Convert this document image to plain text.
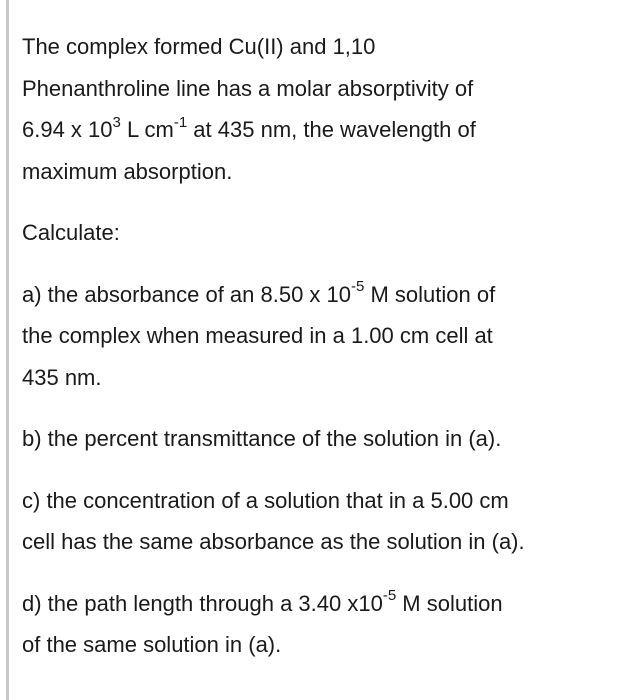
The complex formed Cu(II) and 1,10
Phenanthroline line has a molar absorptivity of
6.94 x $10^3$ L $cm^{-1}$ at 435 nm, the wavelength of
maximum absorption.

Calculate:

a) the absorbance of an 8.50 x $10^{-5}$ M solution of
the complex when measured in a 1.00 cm cell at
435 nm.

b) the percent transmittance of the solution in (a).

c) the concentration of a solution that in a 5.00 cm
cell has the same absorbance as the solution in (a).

d) the path length through a 3.40 $x10^{-5}$ M solution
of the same solution in (a).
